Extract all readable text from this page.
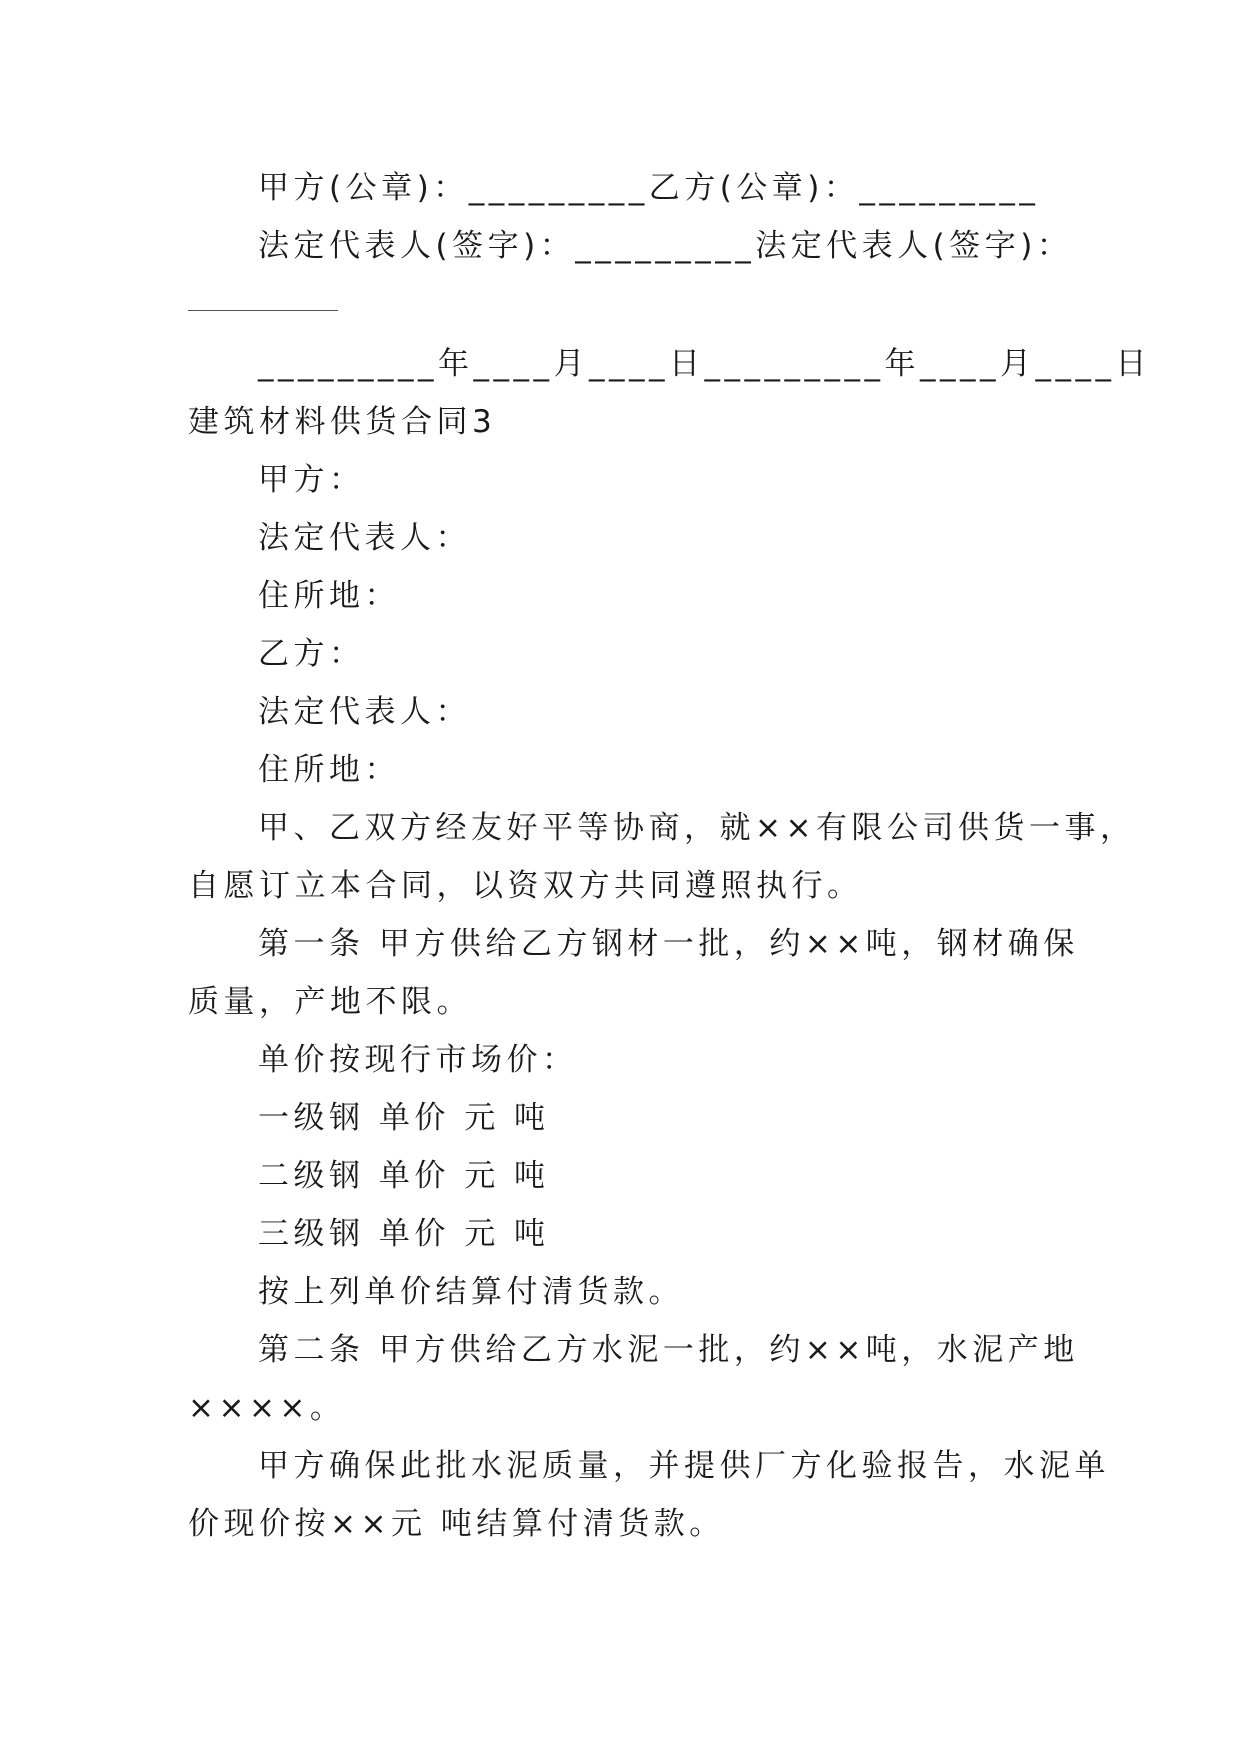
甲方(公章)：_________乙方(公章)：_________
法定代表人(签字)：_________法定代表人(签字)：
_________年____月____日_________年____月____日
建筑材料供货合同3
甲方：
法定代表人：
住所地：
乙方：
法定代表人：
住所地：
甲、乙双方经友好平等协商，就××有限公司供货一事，
自愿订立本合同，以资双方共同遵照执行。
第一条 甲方供给乙方钢材一批，约××吨，钢材确保
质量，产地不限。
单价按现行市场价：
一级钢 单价 元 吨
二级钢 单价 元 吨
三级钢 单价 元 吨
按上列单价结算付清货款。
第二条 甲方供给乙方水泥一批，约××吨，水泥产地
××××。
甲方确保此批水泥质量，并提供厂方化验报告，水泥单
价现价按××元 吨结算付清货款。
